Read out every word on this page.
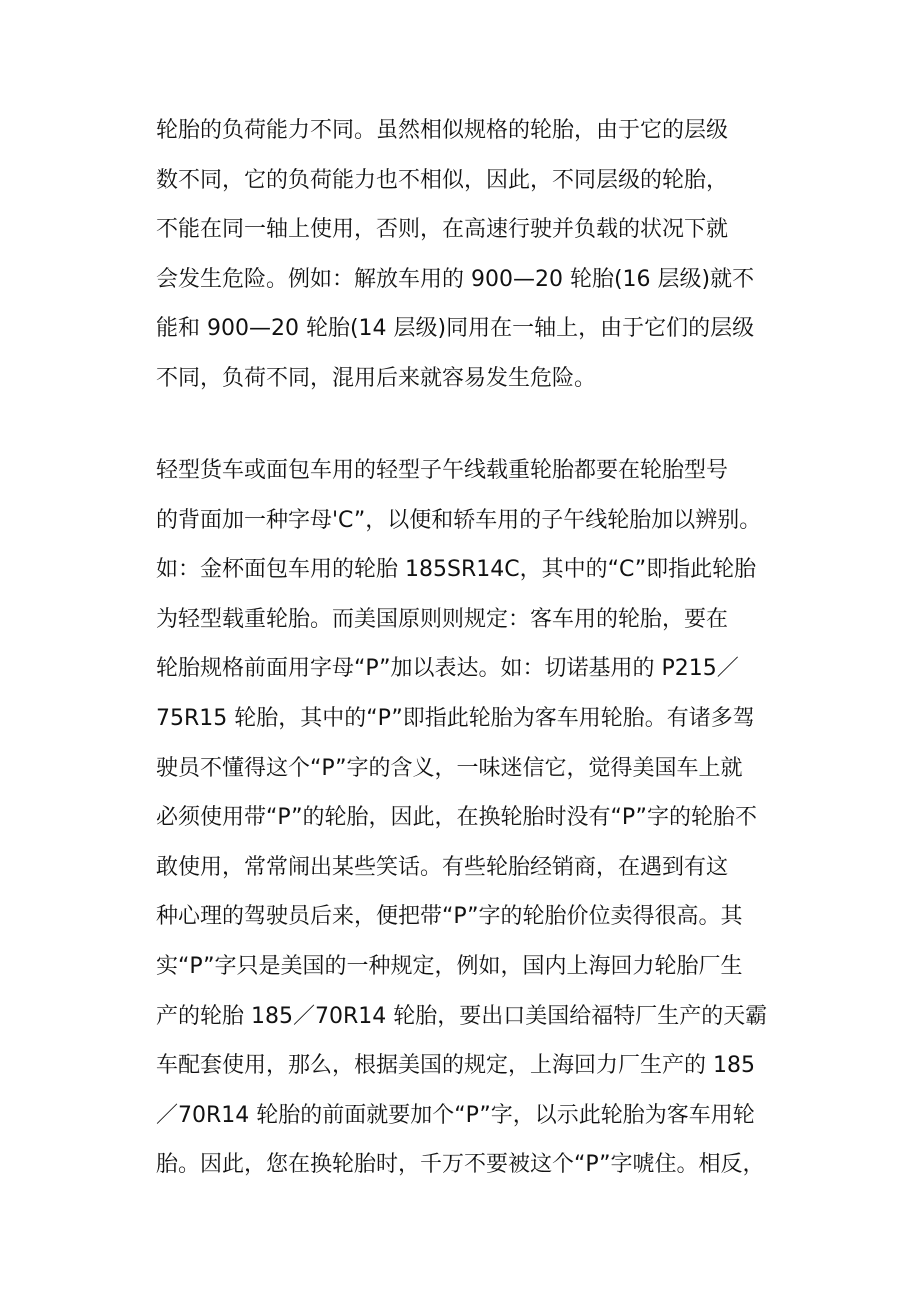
轮胎的负荷能力不同。虽然相似规格的轮胎，由于它的层级
数不同，它的负荷能力也不相似，因此，不同层级的轮胎，
不能在同一轴上使用，否则，在高速行驶并负载的状况下就
会发生危险。例如：解放车用的 900—20 轮胎(16 层级)就不
能和 900—20 轮胎(14 层级)同用在一轴上，由于它们的层级
不同，负荷不同，混用后来就容易发生危险。
轻型货车或面包车用的轻型子午线载重轮胎都要在轮胎型号
的背面加一种字母'C”，以便和轿车用的子午线轮胎加以辨别。
如：金杯面包车用的轮胎 185SR14C，其中的“C”即指此轮胎
为轻型载重轮胎。而美国原则则规定：客车用的轮胎，要在
轮胎规格前面用字母“P”加以表达。如：切诺基用的 P215／
75R15 轮胎，其中的“P”即指此轮胎为客车用轮胎。有诸多驾
驶员不懂得这个“P”字的含义，一味迷信它，觉得美国车上就
必须使用带“P”的轮胎，因此，在换轮胎时没有“P”字的轮胎不
敢使用，常常闹出某些笑话。有些轮胎经销商，在遇到有这
种心理的驾驶员后来，便把带“P”字的轮胎价位卖得很高。其
实“P”字只是美国的一种规定，例如，国内上海回力轮胎厂生
产的轮胎 185／70R14 轮胎，要出口美国给福特厂生产的天霸
车配套使用，那么，根据美国的规定，上海回力厂生产的 185
／70R14 轮胎的前面就要加个“P”字，以示此轮胎为客车用轮
胎。因此，您在换轮胎时，千万不要被这个“P”字唬住。相反，
